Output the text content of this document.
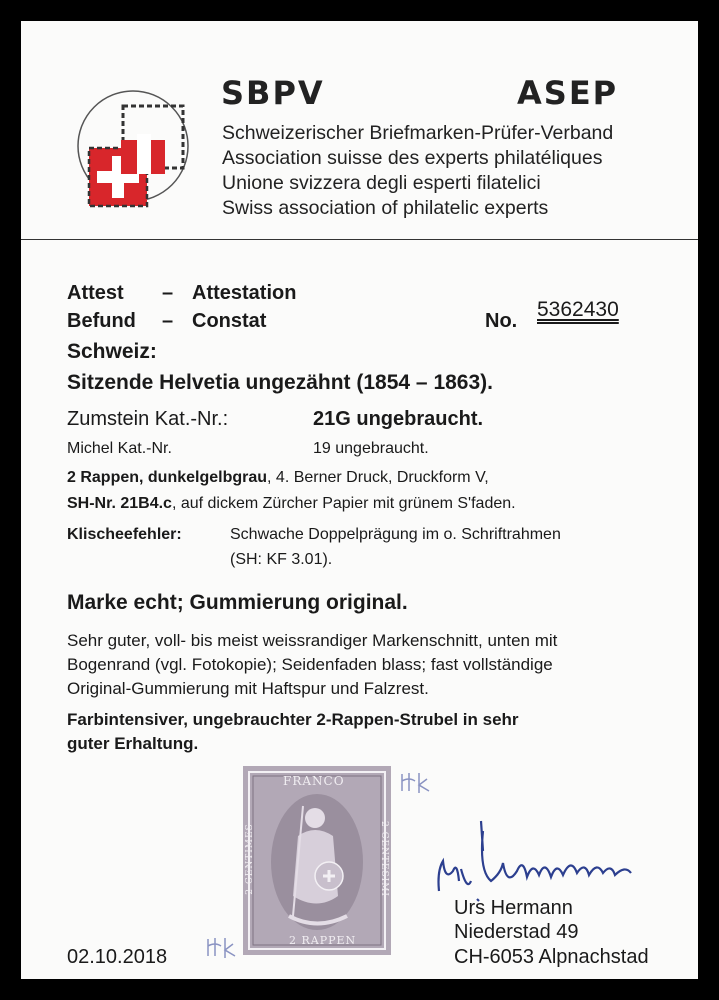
SBPV	ASEP
Schweizerischer Briefmarken-Prüfer-Verband
Association suisse des experts philatéliques
Unione svizzera degli esperti filatelici
Swiss association of philatelic experts
Attest – Attestation
Befund – Constat	No. 5362430
Schweiz:
Sitzende Helvetia ungezähnt (1854 – 1863).
Zumstein Kat.-Nr.:	21G ungebraucht.
Michel Kat.-Nr.	19 ungebraucht.
2 Rappen, dunkelgelbgrau, 4. Berner Druck, Druckform V,
SH-Nr. 21B4.c, auf dickem Zürcher Papier mit grünem S'faden.
Klischeefehler:	Schwache Doppelprägung im o. Schriftrahmen
(SH: KF 3.01).
Marke echt; Gummierung original.
Sehr guter, voll- bis meist weissrandiger Markenschnitt, unten mit
Bogenrand (vgl. Fotokopie); Seidenfaden blass; fast vollständige
Original-Gummierung mit Haftspur und Falzrest.
Farbintensiver, ungebrauchter 2-Rappen-Strubel in sehr
guter Erhaltung.
FRANCO
2 RAPPEN
2 CENTIMES	2 CENTESIMI
02.10.2018
Urs Hermann
Niederstad 49
CH-6053 Alpnachstad
